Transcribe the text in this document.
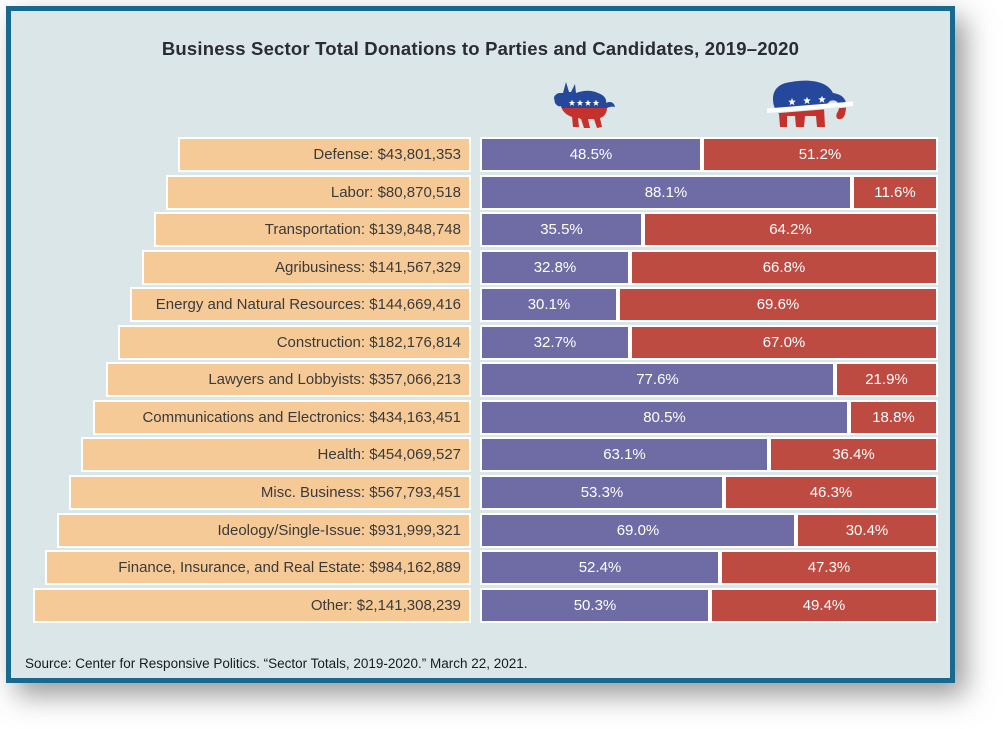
Business Sector Total Donations to Parties and Candidates, 2019–2020
Defense: $43,801,353	48.5%	51.2%
Labor: $80,870,518	88.1%	11.6%
Transportation: $139,848,748	35.5%	64.2%
Agribusiness: $141,567,329	32.8%	66.8%
Energy and Natural Resources: $144,669,416	30.1%	69.6%
Construction: $182,176,814	32.7%	67.0%
Lawyers and Lobbyists: $357,066,213	77.6%	21.9%
Communications and Electronics: $434,163,451	80.5%	18.8%
Health: $454,069,527	63.1%	36.4%
Misc. Business: $567,793,451	53.3%	46.3%
Ideology/Single-Issue: $931,999,321	69.0%	30.4%
Finance, Insurance, and Real Estate: $984,162,889	52.4%	47.3%
Other: $2,141,308,239	50.3%	49.4%
Source: Center for Responsive Politics. “Sector Totals, 2019-2020.” March 22, 2021.
